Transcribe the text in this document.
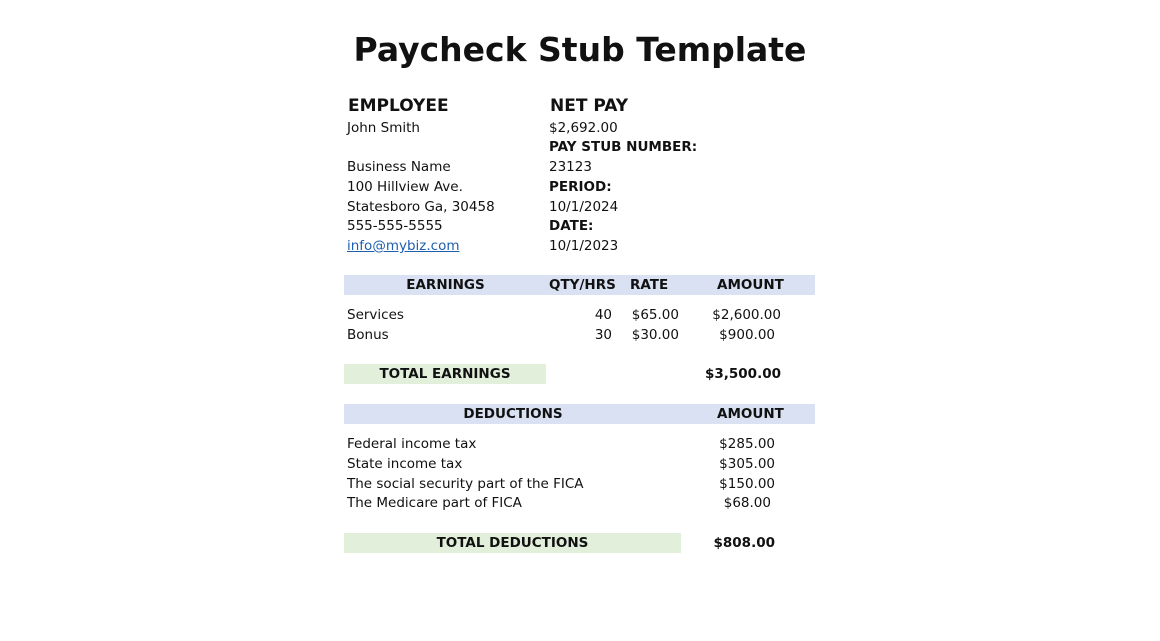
Paycheck Stub Template
EMPLOYEE
John Smith
Business Name
100 Hillview Ave.
Statesboro Ga, 30458
555-555-5555
info@mybiz.com
NET PAY
$2,692.00
PAY STUB NUMBER:
23123
PERIOD:
10/1/2024
DATE:
10/1/2023
EARNINGS	QTY/HRS RATE	AMOUNT
Services	40	$65.00	$2,600.00
Bonus	30	$30.00	$900.00
TOTAL EARNINGS	$3,500.00
DEDUCTIONS	AMOUNT
Federal income tax	$285.00
State income tax	$305.00
The social security part of the FICA	$150.00
The Medicare part of FICA	$68.00
TOTAL DEDUCTIONS	$808.00
